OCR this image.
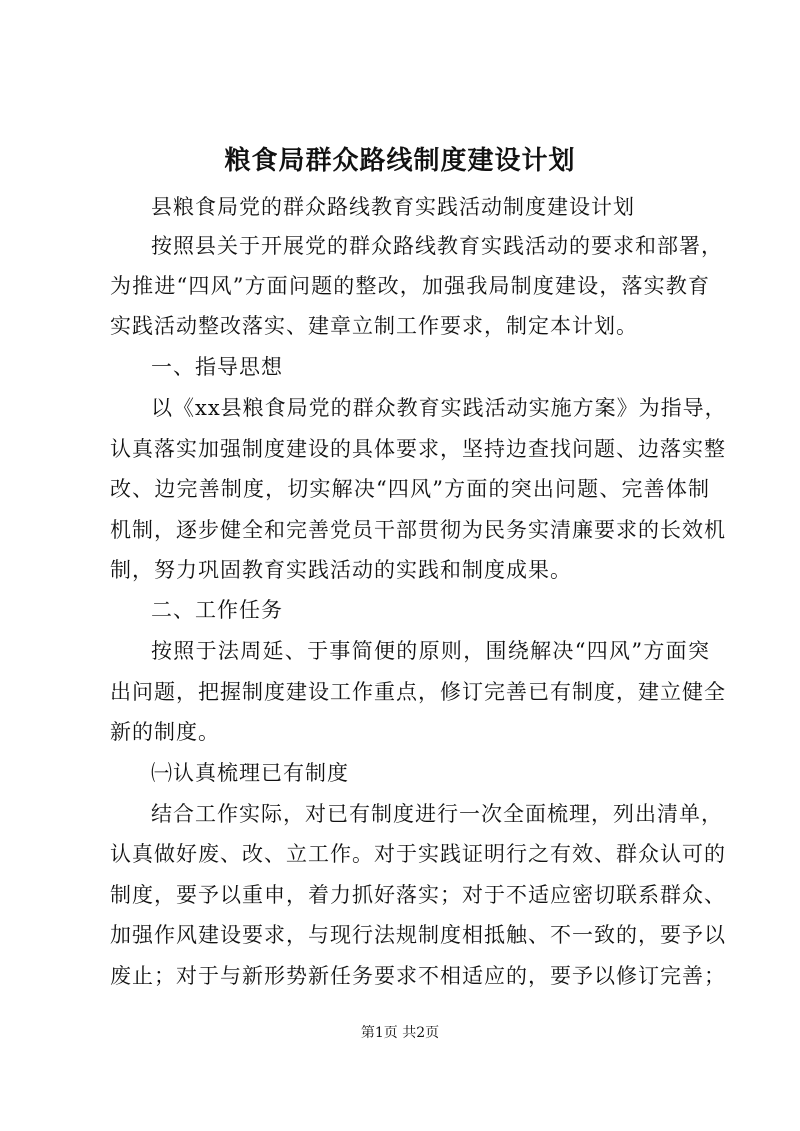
粮食局群众路线制度建设计划
县粮食局党的群众路线教育实践活动制度建设计划
按照县关于开展党的群众路线教育实践活动的要求和部署，
为推进“四风”方面问题的整改，加强我局制度建设，落实教育
实践活动整改落实、建章立制工作要求，制定本计划。
一、指导思想
以《xx县粮食局党的群众教育实践活动实施方案》为指导，
认真落实加强制度建设的具体要求，坚持边查找问题、边落实整
改、边完善制度，切实解决“四风”方面的突出问题、完善体制
机制，逐步健全和完善党员干部贯彻为民务实清廉要求的长效机
制，努力巩固教育实践活动的实践和制度成果。
二、工作任务
按照于法周延、于事简便的原则，围绕解决“四风”方面突
出问题，把握制度建设工作重点，修订完善已有制度，建立健全
新的制度。
㈠认真梳理已有制度
结合工作实际，对已有制度进行一次全面梳理，列出清单，
认真做好废、改、立工作。对于实践证明行之有效、群众认可的
制度，要予以重申，着力抓好落实；对于不适应密切联系群众、
加强作风建设要求，与现行法规制度相抵触、不一致的，要予以
废止；对于与新形势新任务要求不相适应的，要予以修订完善；
第1页 共2页
